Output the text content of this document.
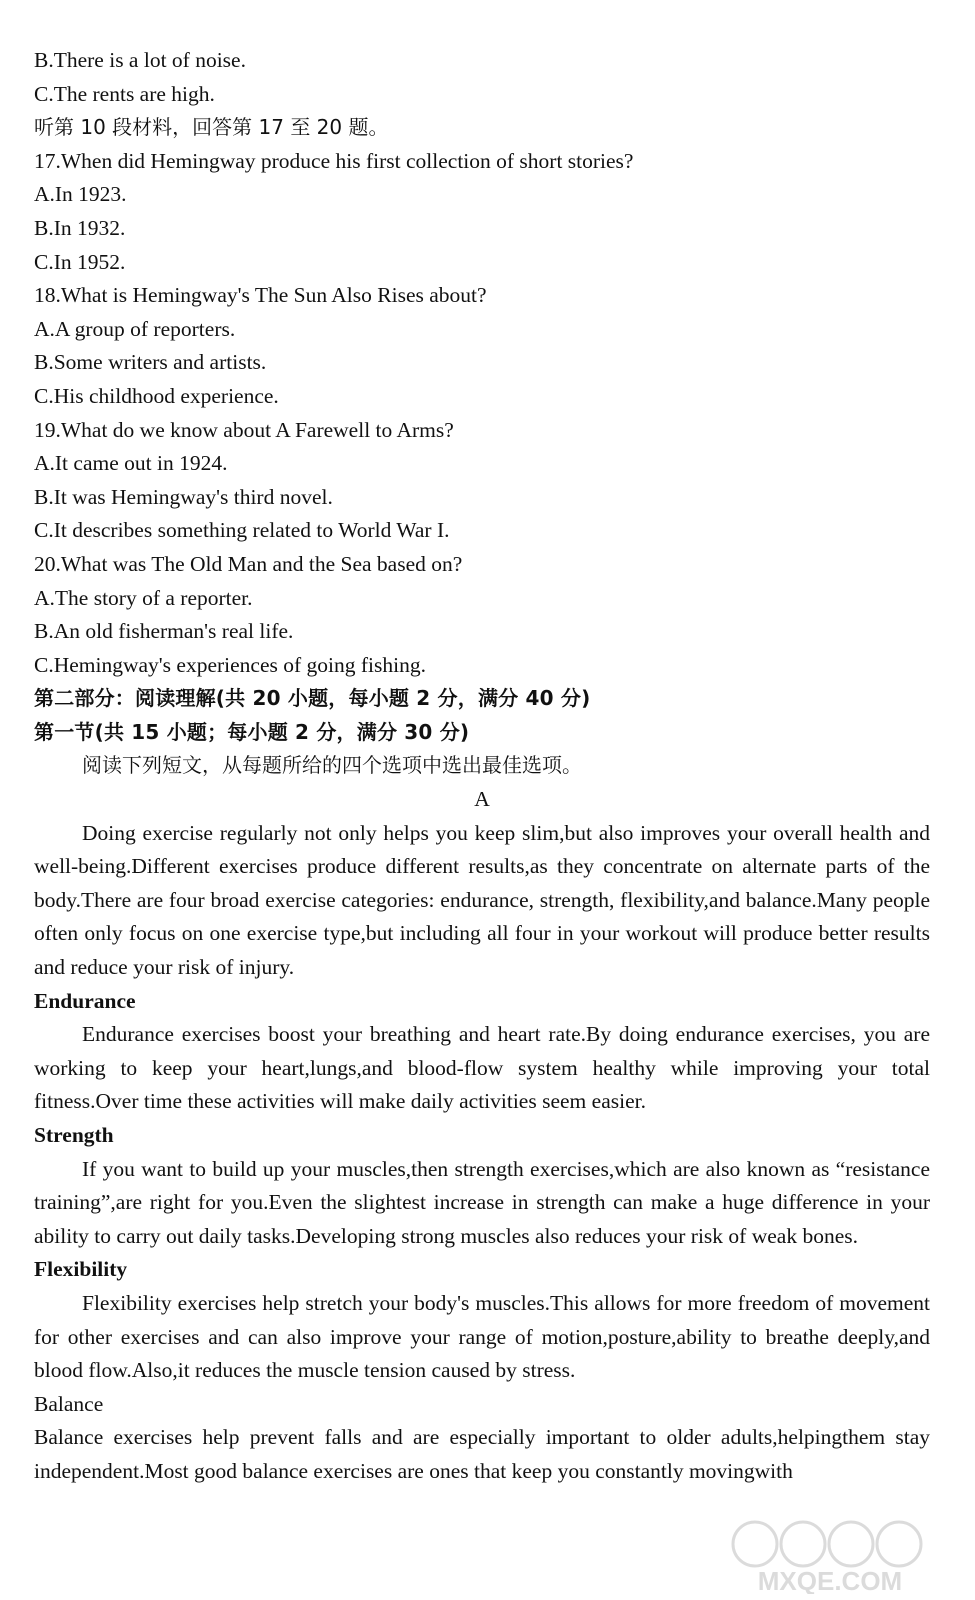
B.There is a lot of noise.
C.The rents are high.
听第 10 段材料，回答第 17 至 20 题。
17.When did Hemingway produce his first collection of short stories?
A.In 1923.
B.In 1932.
C.In 1952.
18.What is Hemingway's The Sun Also Rises about?
A.A group of reporters.
B.Some writers and artists.
C.His childhood experience.
19.What do we know about A Farewell to Arms?
A.It came out in 1924.
B.It was Hemingway's third novel.
C.It describes something related to World War I.
20.What was The Old Man and the Sea based on?
A.The story of a reporter.
B.An old fisherman's real life.
C.Hemingway's experiences of going fishing.
第二部分：阅读理解(共 20 小题，每小题 2 分，满分 40 分)
第一节(共 15 小题；每小题 2 分，满分 30 分)
阅读下列短文，从每题所给的四个选项中选出最佳选项。
A

Doing exercise regularly not only helps you keep slim,but also improves your overall health and well-being.Different exercises produce different results,as they concentrate on alternate parts of the body.There are four broad exercise categories: endurance, strength, flexibility,and balance.Many people often only focus on one exercise type,but including all four in your workout will produce better results and reduce your risk of injury.

Endurance

Endurance exercises boost your breathing and heart rate.By doing endurance exercises, you are working to keep your heart,lungs,and blood-flow system healthy while improving your total fitness.Over time these activities will make daily activities seem easier.

Strength

If you want to build up your muscles,then strength exercises,which are also known as “resistance training”,are right for you.Even the slightest increase in strength can make a huge difference in your ability to carry out daily tasks.Developing strong muscles also reduces your risk of weak bones.

Flexibility

Flexibility exercises help stretch your body's muscles.This allows for more freedom of movement for other exercises and can also improve your range of motion,posture,ability to breathe deeply,and blood flow.Also,it reduces the muscle tension caused by stress.

Balance

Balance exercises help prevent falls and are especially important to older adults,helpingthem stay independent.Most good balance exercises are ones that keep you constantly movingwith

MXQE.COM
